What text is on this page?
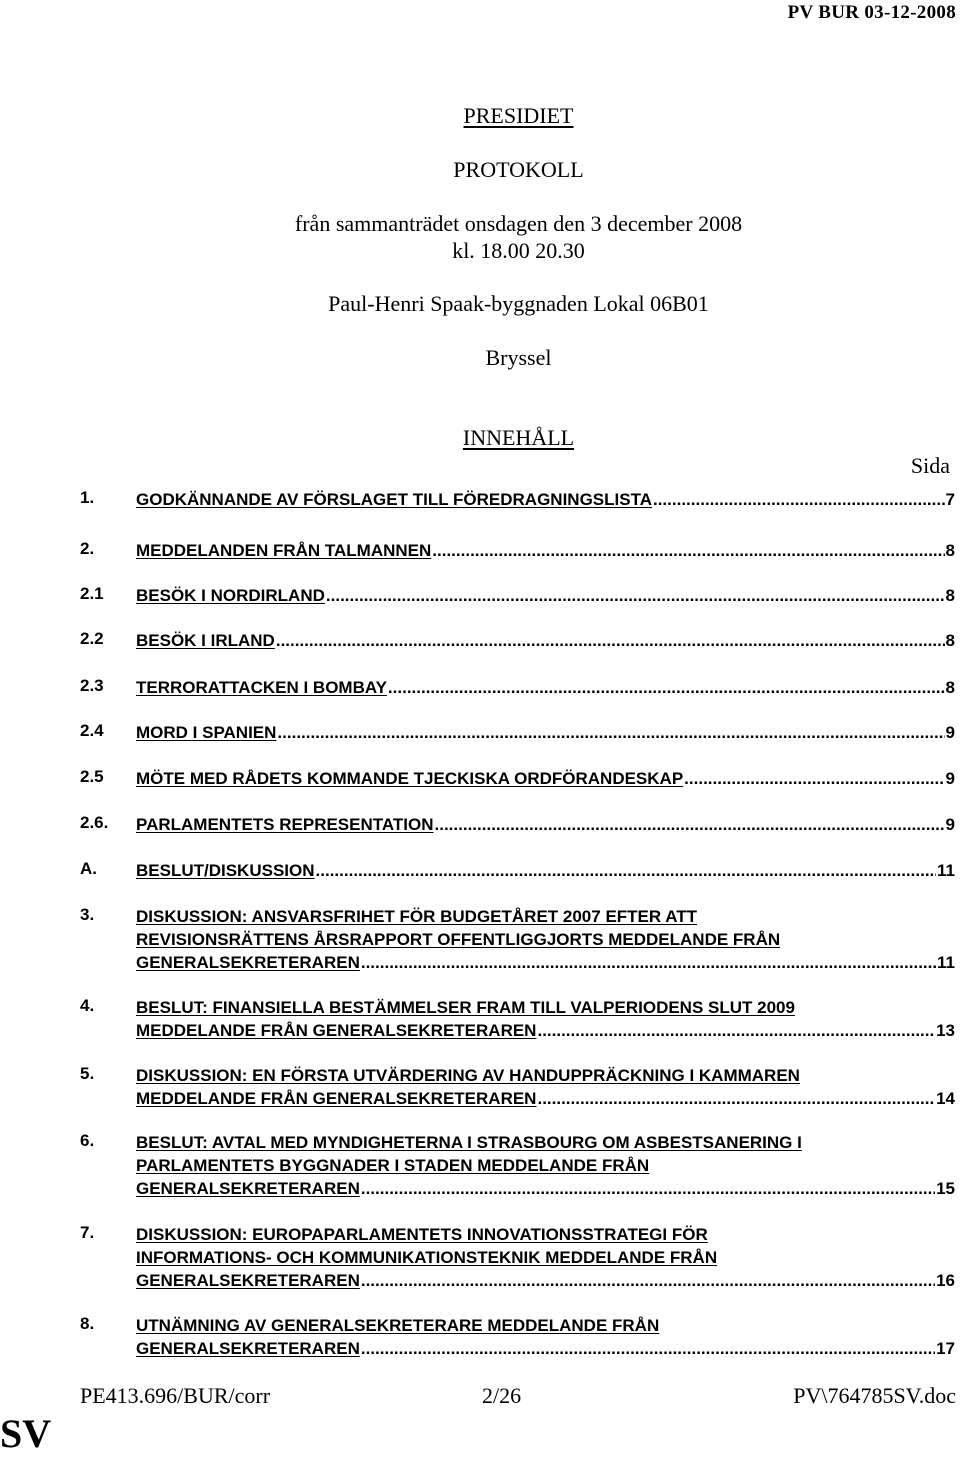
PV BUR 03-12-2008
PRESIDIET
PROTOKOLL
från sammanträdet onsdagen den 3 december 2008
kl. 18.00 20.30
Paul-Henri Spaak-byggnaden Lokal 06B01
Bryssel
INNEHÅLL
Sida
1. GODKÄNNANDE AV FÖRSLAGET TILL FÖREDRAGNINGSLISTA .....	7
2. MEDDELANDEN FRÅN TALMANNEN .....	8
2.1 BESÖK I NORDIRLAND .....	8
2.2 BESÖK I IRLAND .....	8
2.3 TERRORATTACKEN I BOMBAY .....	8
2.4 MORD I SPANIEN .....	9
2.5 MÖTE MED RÅDETS KOMMANDE TJECKISKA ORDFÖRANDESKAP .....	9
2.6. PARLAMENTETS REPRESENTATION .....	9
A. BESLUT/DISKUSSION .....	11
3. DISKUSSION: ANSVARSFRIHET FÖR BUDGETÅRET 2007 EFTER ATT
REVISIONSRÄTTENS ÅRSRAPPORT OFFENTLIGGJORTS MEDDELANDE FRÅN
GENERALSEKRETERAREN .....	11
4. BESLUT: FINANSIELLA BESTÄMMELSER FRAM TILL VALPERIODENS SLUT 2009
MEDDELANDE FRÅN GENERALSEKRETERAREN .....	13
5. DISKUSSION: EN FÖRSTA UTVÄRDERING AV HANDUPPRÄCKNING I KAMMAREN
MEDDELANDE FRÅN GENERALSEKRETERAREN .....	14
6. BESLUT: AVTAL MED MYNDIGHETERNA I STRASBOURG OM ASBESTSANERING I
PARLAMENTETS BYGGNADER I STADEN MEDDELANDE FRÅN
GENERALSEKRETERAREN .....	15
7. DISKUSSION: EUROPAPARLAMENTETS INNOVATIONSSTRATEGI FÖR
INFORMATIONS- OCH KOMMUNIKATIONSTEKNIK MEDDELANDE FRÅN
GENERALSEKRETERAREN .....	16
8. UTNÄMNING AV GENERALSEKRETERARE MEDDELANDE FRÅN
GENERALSEKRETERAREN .....	17
PE413.696/BUR/corr	2/26	PV\764785SV.doc
SV
